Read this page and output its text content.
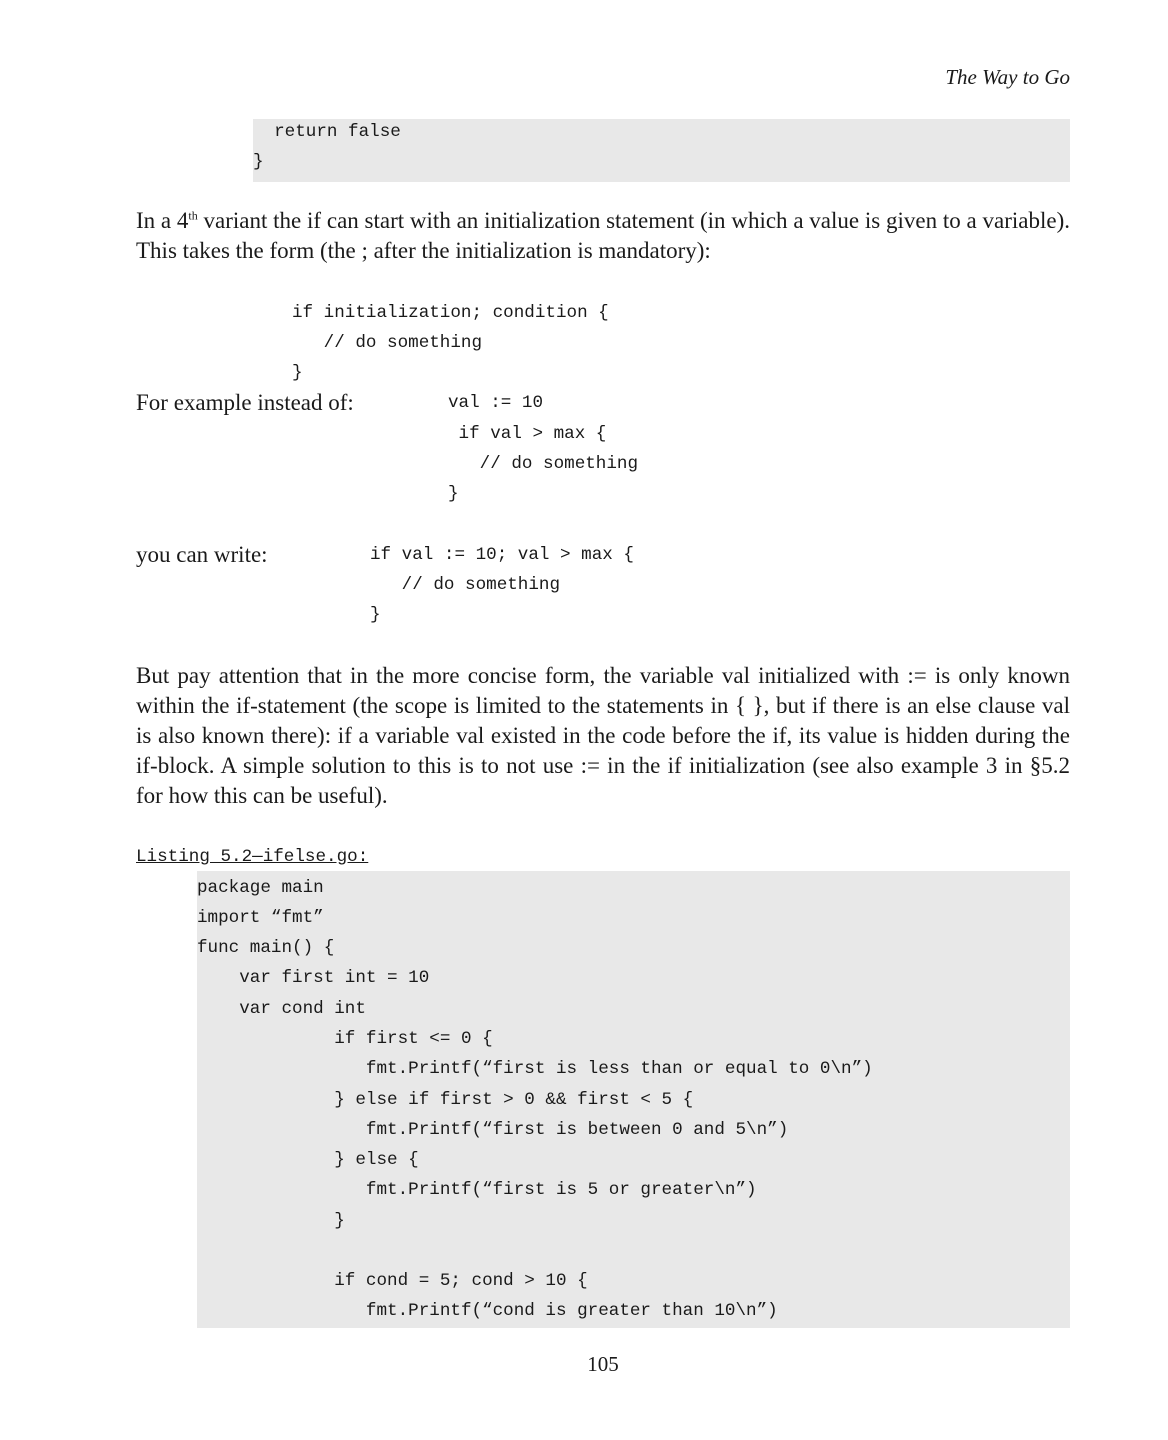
The Way to Go
return false
}
In a 4th variant the if can start with an initialization statement (in which a value is given to a variable). This takes the form (the ; after the initialization is mandatory):
if initialization; condition {
// do something
}
For example instead of:	val := 10
if val > max {
// do something
}
you can write:	if val := 10; val > max {
// do something
}
But pay attention that in the more concise form, the variable val initialized with := is only known within the if-statement (the scope is limited to the statements in { }, but if there is an else clause val is also known there): if a variable val existed in the code before the if, its value is hidden during the if-block. A simple solution to this is to not use := in the if initialization (see also example 3 in §5.2 for how this can be useful).
Listing 5.2—ifelse.go:
package main
import “fmt”
func main() {
var first int = 10
var cond int
if first <= 0 {
fmt.Printf(“first is less than or equal to 0\n”)
} else if first > 0 && first < 5 {
fmt.Printf(“first is between 0 and 5\n”)
} else {
fmt.Printf(“first is 5 or greater\n”)
}
if cond = 5; cond > 10 {
fmt.Printf(“cond is greater than 10\n”)
105
